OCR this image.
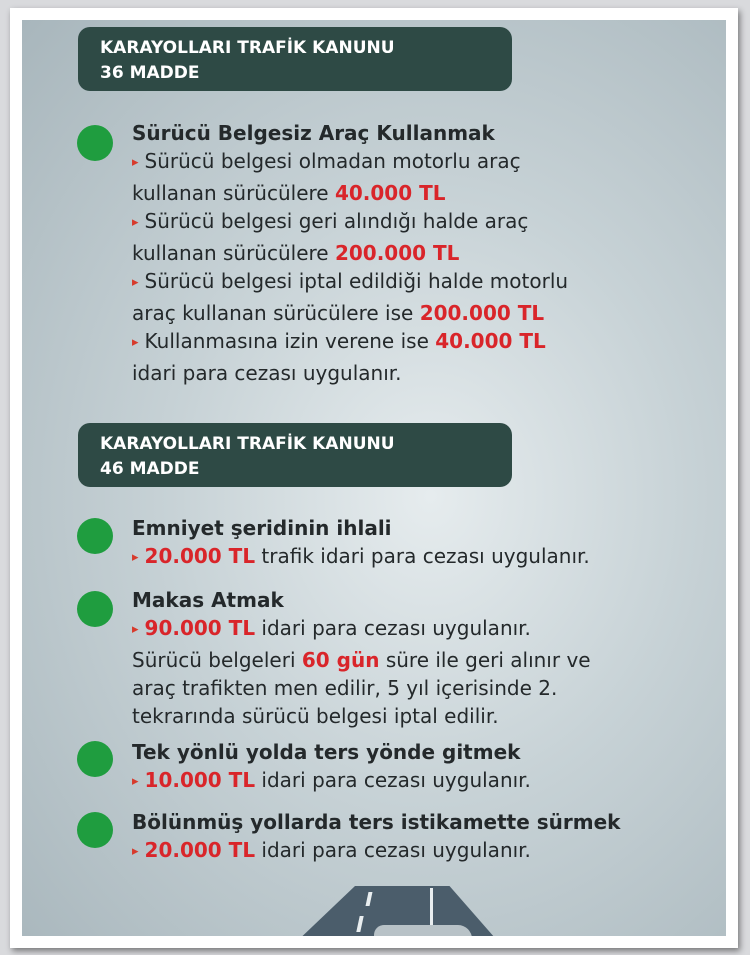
KARAYOLLARI TRAFİK KANUNU
36 MADDE
Sürücü Belgesiz Araç Kullanmak
▸ Sürücü belgesi olmadan motorlu araç
kullanan sürücülere 40.000 TL
▸ Sürücü belgesi geri alındığı halde araç
kullanan sürücülere 200.000 TL
▸ Sürücü belgesi iptal edildiği halde motorlu
araç kullanan sürücülere ise 200.000 TL
▸ Kullanmasına izin verene ise 40.000 TL
idari para cezası uygulanır.
KARAYOLLARI TRAFİK KANUNU
46 MADDE
Emniyet şeridinin ihlali
▸ 20.000 TL trafik idari para cezası uygulanır.
Makas Atmak
▸ 90.000 TL idari para cezası uygulanır.
Sürücü belgeleri 60 gün süre ile geri alınır ve
araç trafikten men edilir, 5 yıl içerisinde 2.
tekrarında sürücü belgesi iptal edilir.
Tek yönlü yolda ters yönde gitmek
▸ 10.000 TL idari para cezası uygulanır.
Bölünmüş yollarda ters istikamette sürmek
▸ 20.000 TL idari para cezası uygulanır.
